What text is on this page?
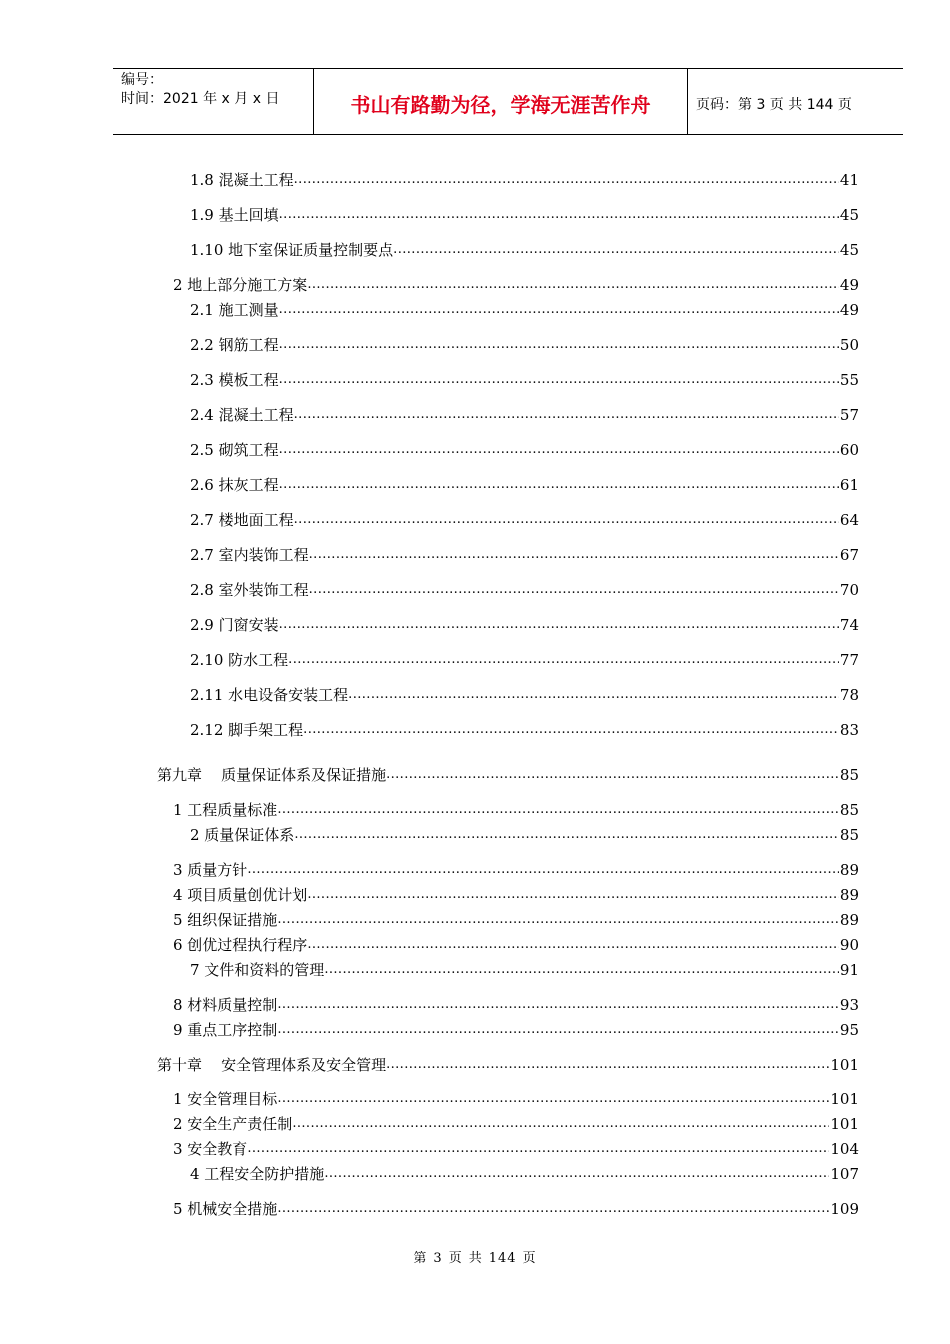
编号：
时间：2021 年 x 月 x 日	书山有路勤为径，学海无涯苦作舟	页码：第 3 页 共 144 页
1.8 混凝土工程 .....	41
1.9 基土回填 .....	45
1.10 地下室保证质量控制要点 .....	45
2 地上部分施工方案 .....	49
2.1 施工测量 .....	49
2.2 钢筋工程 .....	50
2.3 模板工程 .....	55
2.4 混凝土工程 .....	57
2.5 砌筑工程 .....	60
2.6 抹灰工程 .....	61
2.7 楼地面工程 .....	64
2.7 室内装饰工程 .....	67
2.8 室外装饰工程 .....	70
2.9 门窗安装 .....	74
2.10 防水工程 .....	77
2.11 水电设备安装工程 .....	78
2.12 脚手架工程 .....	83
第九章    质量保证体系及保证措施 .....	85
1 工程质量标准 .....	85
2 质量保证体系 .....	85
3 质量方针 .....	89
4 项目质量创优计划 .....	89
5 组织保证措施 .....	89
6 创优过程执行程序 .....	90
7 文件和资料的管理 .....	91
8 材料质量控制 .....	93
9 重点工序控制 .....	95
第十章    安全管理体系及安全管理 .....	101
1 安全管理目标 .....	101
2 安全生产责任制 .....	101
3 安全教育 .....	104
4 工程安全防护措施 .....	107
5 机械安全措施 .....	109
第 3 页 共 144 页
